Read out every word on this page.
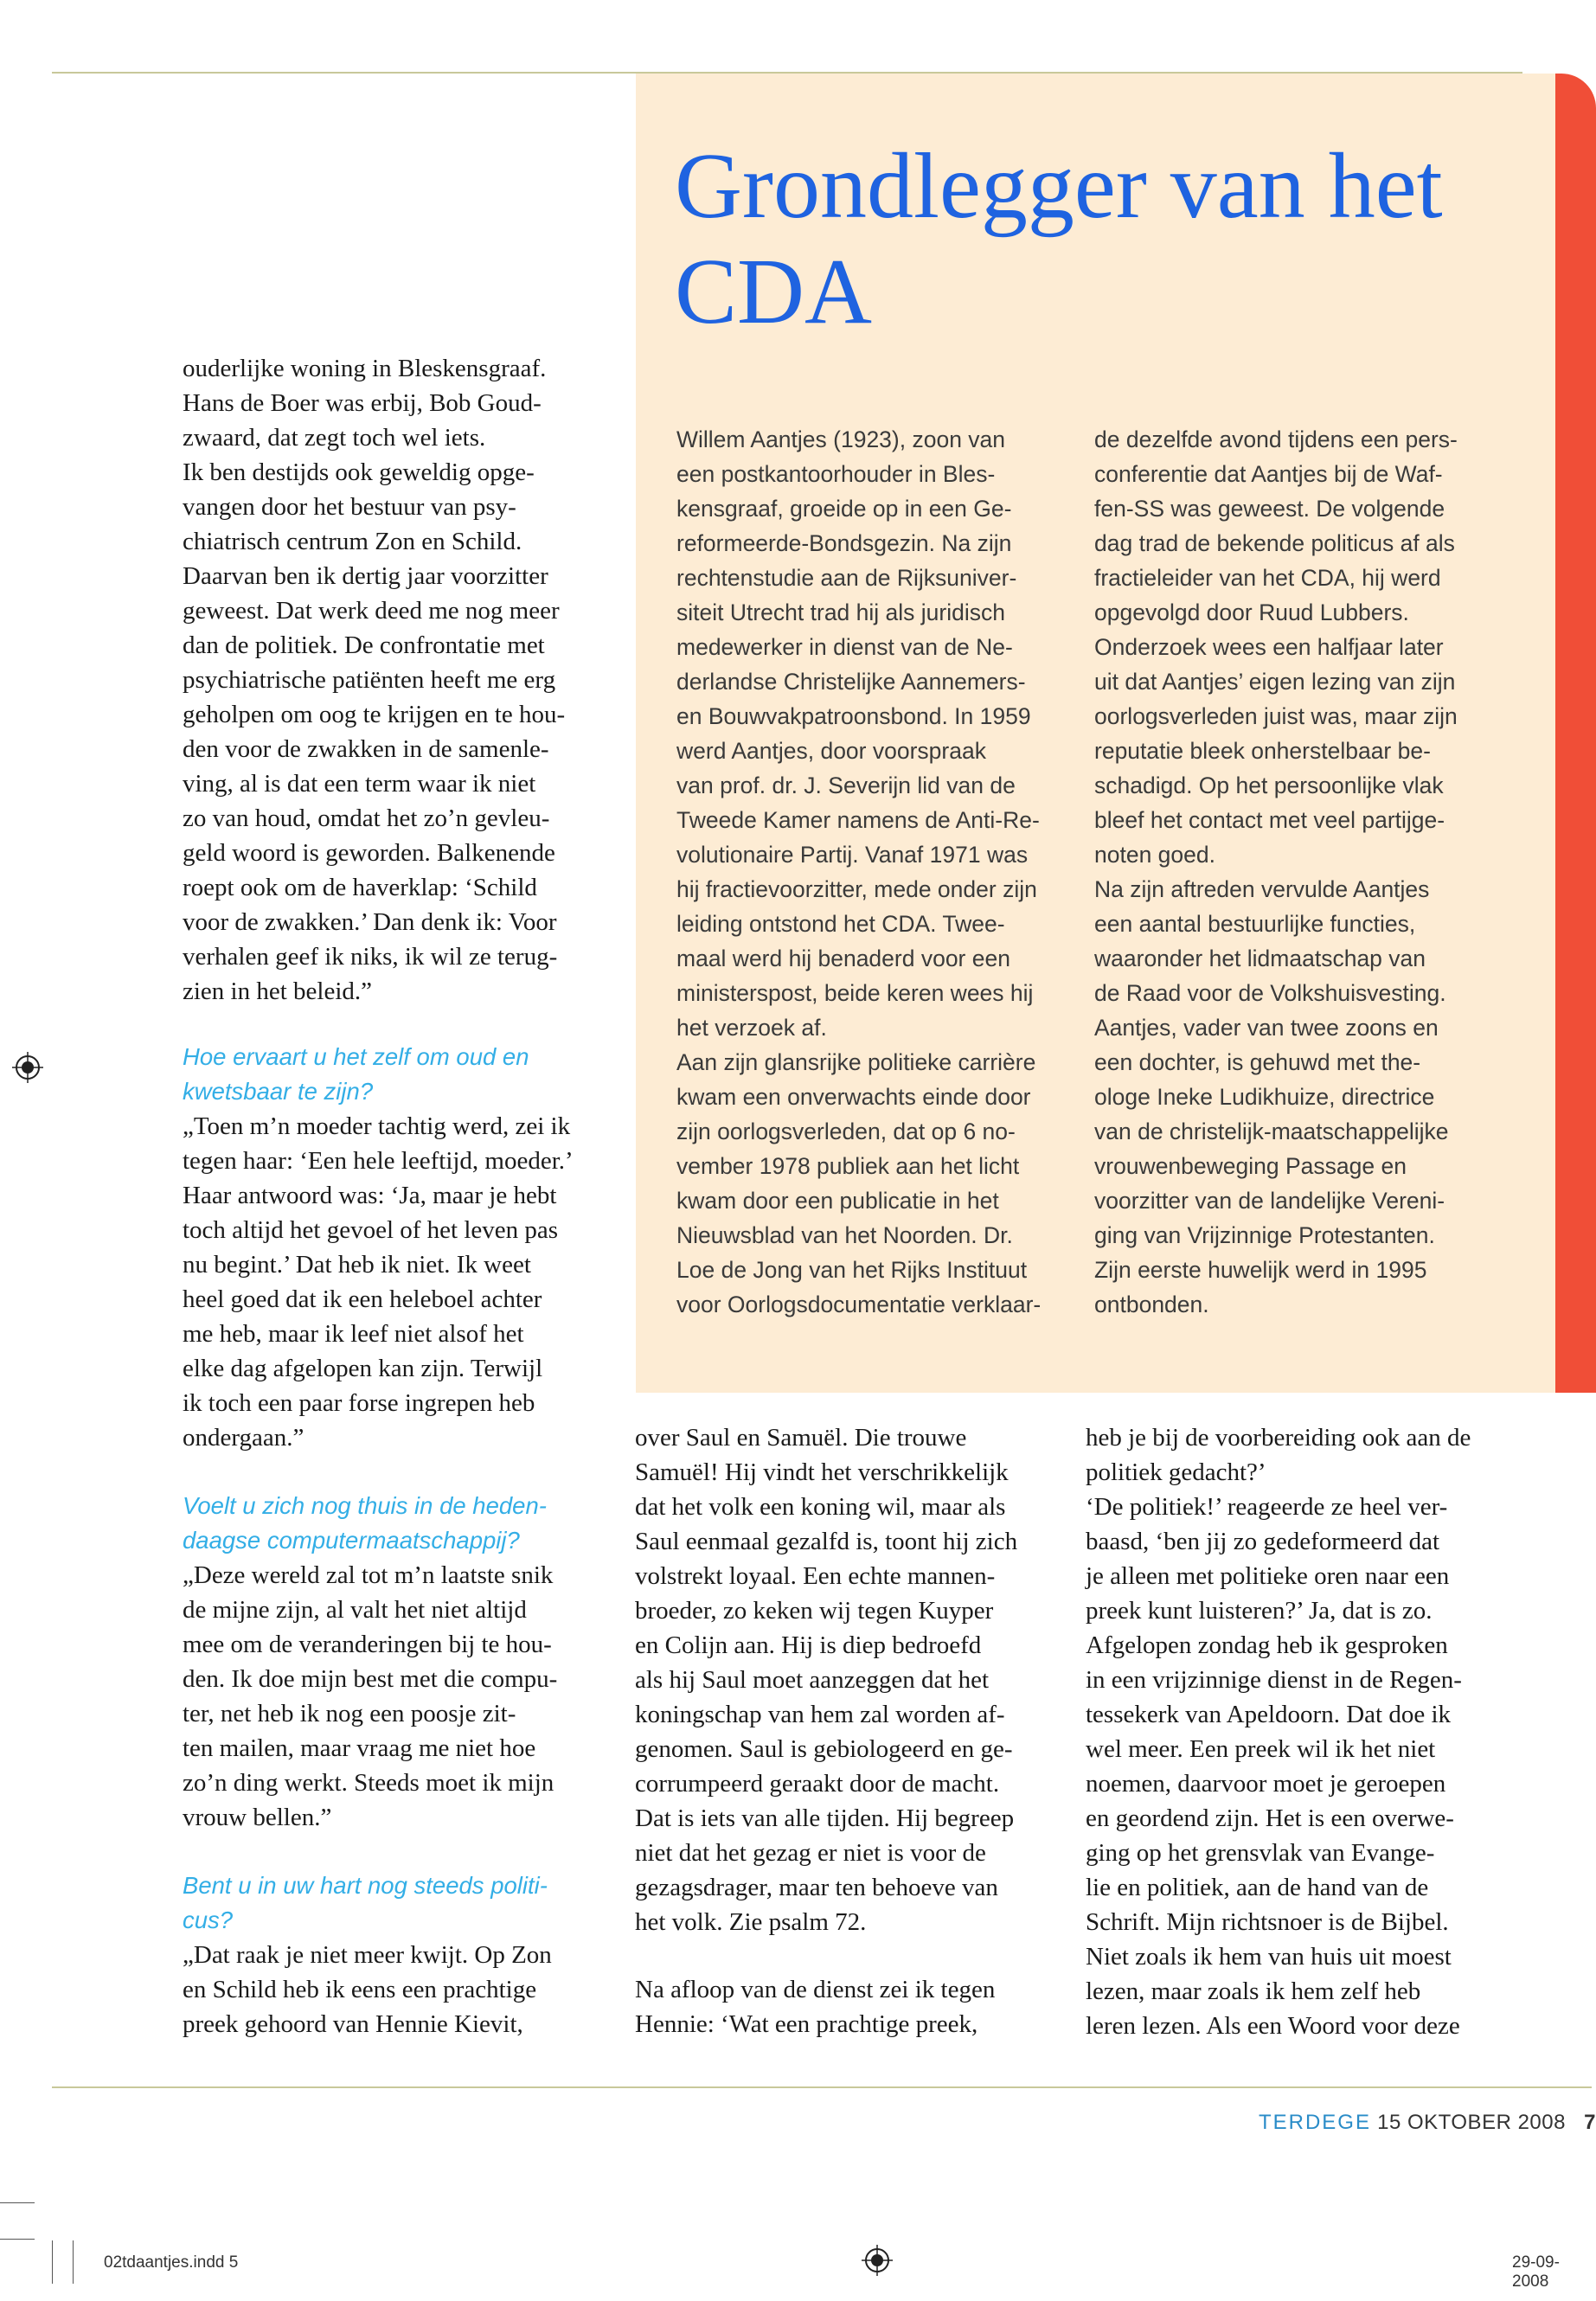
Grondlegger van het CDA
Willem Aantjes (1923), zoon van
een postkantoorhouder in Bles-
kensgraaf, groeide op in een Ge-
reformeerde-Bondsgezin. Na zijn
rechtenstudie aan de Rijksuniver-
siteit Utrecht trad hij als juridisch
medewerker in dienst van de Ne-
derlandse Christelijke Aannemers-
en Bouwvakpatroonsbond. In 1959
werd Aantjes, door voorspraak
van prof. dr. J. Severijn lid van de
Tweede Kamer namens de Anti-Re-
volutionaire Partij. Vanaf 1971 was
hij fractievoorzitter, mede onder zijn
leiding ontstond het CDA. Twee-
maal werd hij benaderd voor een
ministerspost, beide keren wees hij
het verzoek af.
Aan zijn glansrijke politieke carrière
kwam een onverwachts einde door
zijn oorlogsverleden, dat op 6 no-
vember 1978 publiek aan het licht
kwam door een publicatie in het
Nieuwsblad van het Noorden. Dr.
Loe de Jong van het Rijks Instituut
voor Oorlogsdocumentatie verklaar-
de dezelfde avond tijdens een pers-
conferentie dat Aantjes bij de Waf-
fen-SS was geweest. De volgende
dag trad de bekende politicus af als
fractieleider van het CDA, hij werd
opgevolgd door Ruud Lubbers.
Onderzoek wees een halfjaar later
uit dat Aantjes’ eigen lezing van zijn
oorlogsverleden juist was, maar zijn
reputatie bleek onherstelbaar be-
schadigd. Op het persoonlijke vlak
bleef het contact met veel partijge-
noten goed.
Na zijn aftreden vervulde Aantjes
een aantal bestuurlijke functies,
waaronder het lidmaatschap van
de Raad voor de Volkshuisvesting.
Aantjes, vader van twee zoons en
een dochter, is gehuwd met the-
ologe Ineke Ludikhuize, directrice
van de christelijk-maatschappelijke
vrouwenbeweging Passage en
voorzitter van de landelijke Vereni-
ging van Vrijzinnige Protestanten.
Zijn eerste huwelijk werd in 1995
ontbonden.
ouderlijke woning in Bleskensgraaf.
Hans de Boer was erbij, Bob Goud-
zwaard, dat zegt toch wel iets.
Ik ben destijds ook geweldig opge-
vangen door het bestuur van psy-
chiatrisch centrum Zon en Schild.
Daarvan ben ik dertig jaar voorzitter
geweest. Dat werk deed me nog meer
dan de politiek. De confrontatie met
psychiatrische patiënten heeft me erg
geholpen om oog te krijgen en te hou-
den voor de zwakken in de samenle-
ving, al is dat een term waar ik niet
zo van houd, omdat het zo’n gevleu-
geld woord is geworden. Balkenende
roept ook om de haverklap: ‘Schild
voor de zwakken.’ Dan denk ik: Voor
verhalen geef ik niks, ik wil ze terug-
zien in het beleid.”
Hoe ervaart u het zelf om oud en
kwetsbaar te zijn?
„Toen m’n moeder tachtig werd, zei ik
tegen haar: ‘Een hele leeftijd, moeder.’
Haar antwoord was: ‘Ja, maar je hebt
toch altijd het gevoel of het leven pas
nu begint.’ Dat heb ik niet. Ik weet
heel goed dat ik een heleboel achter
me heb, maar ik leef niet alsof het
elke dag afgelopen kan zijn. Terwijl
ik toch een paar forse ingrepen heb
ondergaan.”
Voelt u zich nog thuis in de heden-
daagse computermaatschappij?
„Deze wereld zal tot m’n laatste snik
de mijne zijn, al valt het niet altijd
mee om de veranderingen bij te hou-
den. Ik doe mijn best met die compu-
ter, net heb ik nog een poosje zit-
ten mailen, maar vraag me niet hoe
zo’n ding werkt. Steeds moet ik mijn
vrouw bellen.”
Bent u in uw hart nog steeds politi-
cus?
„Dat raak je niet meer kwijt. Op Zon
en Schild heb ik eens een prachtige
preek gehoord van Hennie Kievit,
over Saul en Samuël. Die trouwe
Samuël! Hij vindt het verschrikkelijk
dat het volk een koning wil, maar als
Saul eenmaal gezalfd is, toont hij zich
volstrekt loyaal. Een echte mannen-
broeder, zo keken wij tegen Kuyper
en Colijn aan. Hij is diep bedroefd
als hij Saul moet aanzeggen dat het
koningschap van hem zal worden af-
genomen. Saul is gebiologeerd en ge-
corrumpeerd geraakt door de macht.
Dat is iets van alle tijden. Hij begreep
niet dat het gezag er niet is voor de
gezagsdrager, maar ten behoeve van
het volk. Zie psalm 72.
Na afloop van de dienst zei ik tegen
Hennie: ‘Wat een prachtige preek,
heb je bij de voorbereiding ook aan de
politiek gedacht?’
‘De politiek!’ reageerde ze heel ver-
baasd, ‘ben jij zo gedeformeerd dat
je alleen met politieke oren naar een
preek kunt luisteren?’ Ja, dat is zo.
Afgelopen zondag heb ik gesproken
in een vrijzinnige dienst in de Regen-
tessekerk van Apeldoorn. Dat doe ik
wel meer. Een preek wil ik het niet
noemen, daarvoor moet je geroepen
en geordend zijn. Het is een overwe-
ging op het grensvlak van Evange-
lie en politiek, aan de hand van de
Schrift. Mijn richtsnoer is de Bijbel.
Niet zoals ik hem van huis uit moest
lezen, maar zoals ik hem zelf heb
leren lezen. Als een Woord voor deze
TERDEGE 15 OKTOBER 2008 7
02tdaantjes.indd 5	29-09-2008
